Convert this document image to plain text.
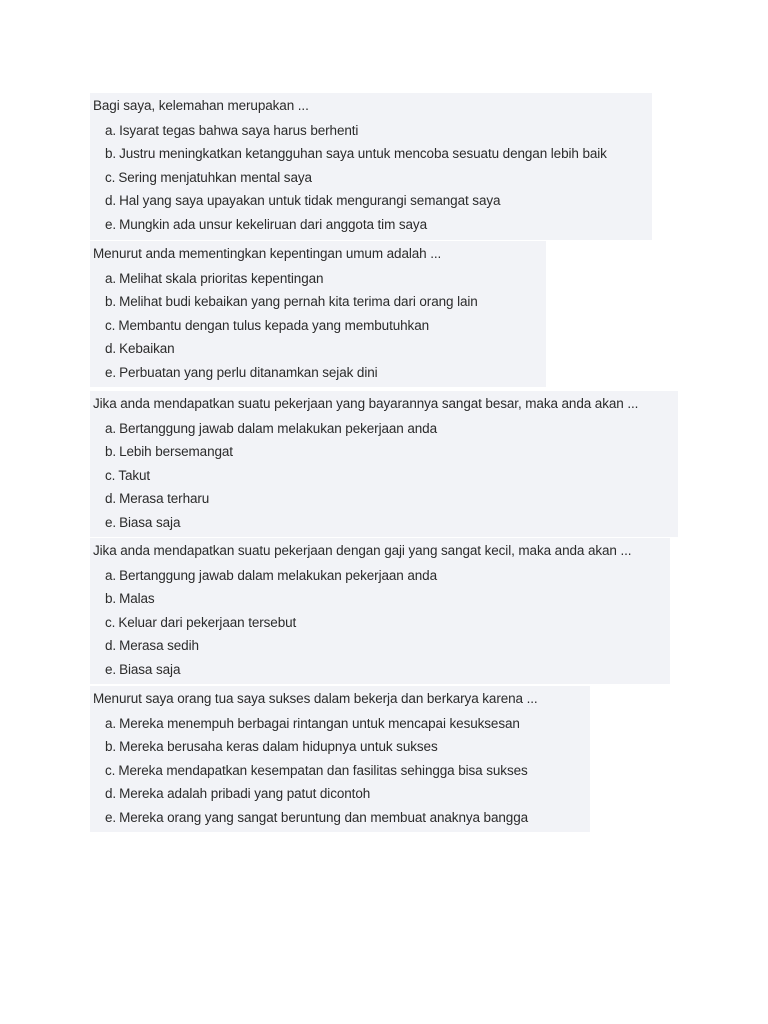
Bagi saya, kelemahan merupakan ...
a. Isyarat tegas bahwa saya harus berhenti
b. Justru meningkatkan ketangguhan saya untuk mencoba sesuatu dengan lebih baik
c. Sering menjatuhkan mental saya
d. Hal yang saya upayakan untuk tidak mengurangi semangat saya
e. Mungkin ada unsur kekeliruan dari anggota tim saya
Menurut anda mementingkan kepentingan umum adalah ...
a. Melihat skala prioritas kepentingan
b. Melihat budi kebaikan yang pernah kita terima dari orang lain
c. Membantu dengan tulus kepada yang membutuhkan
d. Kebaikan
e. Perbuatan yang perlu ditanamkan sejak dini
Jika anda mendapatkan suatu pekerjaan yang bayarannya sangat besar, maka anda akan ...
a. Bertanggung jawab dalam melakukan pekerjaan anda
b. Lebih bersemangat
c. Takut
d. Merasa terharu
e. Biasa saja
Jika anda mendapatkan suatu pekerjaan dengan gaji yang sangat kecil, maka anda akan ...
a. Bertanggung jawab dalam melakukan pekerjaan anda
b. Malas
c. Keluar dari pekerjaan tersebut
d. Merasa sedih
e. Biasa saja
Menurut saya orang tua saya sukses dalam bekerja dan berkarya karena ...
a. Mereka menempuh berbagai rintangan untuk mencapai kesuksesan
b. Mereka berusaha keras dalam hidupnya untuk sukses
c. Mereka mendapatkan kesempatan dan fasilitas sehingga bisa sukses
d. Mereka adalah pribadi yang patut dicontoh
e. Mereka orang yang sangat beruntung dan membuat anaknya bangga
